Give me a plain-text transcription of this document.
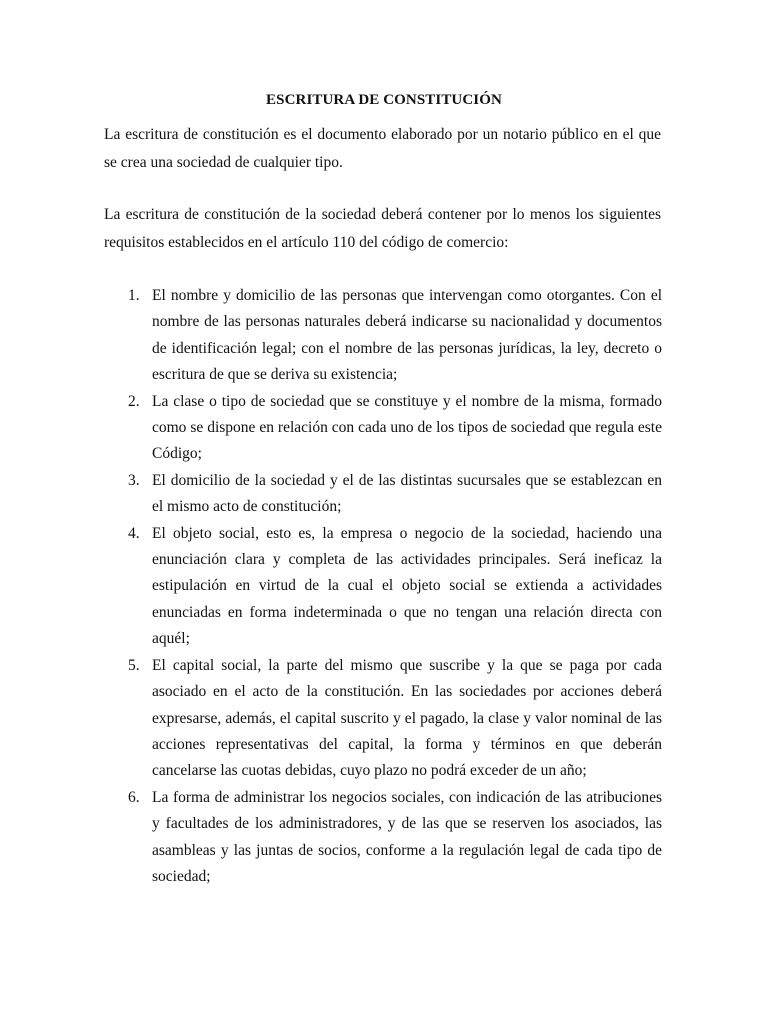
ESCRITURA DE CONSTITUCIÓN

La escritura de constitución es el documento elaborado por un notario público en el que se crea una sociedad de cualquier tipo.

La escritura de constitución de la sociedad deberá contener por lo menos los siguientes requisitos establecidos en el artículo 110 del código de comercio:

1. El nombre y domicilio de las personas que intervengan como otorgantes. Con el nombre de las personas naturales deberá indicarse su nacionalidad y documentos de identificación legal; con el nombre de las personas jurídicas, la ley, decreto o escritura de que se deriva su existencia;
2. La clase o tipo de sociedad que se constituye y el nombre de la misma, formado como se dispone en relación con cada uno de los tipos de sociedad que regula este Código;
3. El domicilio de la sociedad y el de las distintas sucursales que se establezcan en el mismo acto de constitución;
4. El objeto social, esto es, la empresa o negocio de la sociedad, haciendo una enunciación clara y completa de las actividades principales. Será ineficaz la estipulación en virtud de la cual el objeto social se extienda a actividades enunciadas en forma indeterminada o que no tengan una relación directa con aquél;
5. El capital social, la parte del mismo que suscribe y la que se paga por cada asociado en el acto de la constitución. En las sociedades por acciones deberá expresarse, además, el capital suscrito y el pagado, la clase y valor nominal de las acciones representativas del capital, la forma y términos en que deberán cancelarse las cuotas debidas, cuyo plazo no podrá exceder de un año;
6. La forma de administrar los negocios sociales, con indicación de las atribuciones y facultades de los administradores, y de las que se reserven los asociados, las asambleas y las juntas de socios, conforme a la regulación legal de cada tipo de sociedad;
